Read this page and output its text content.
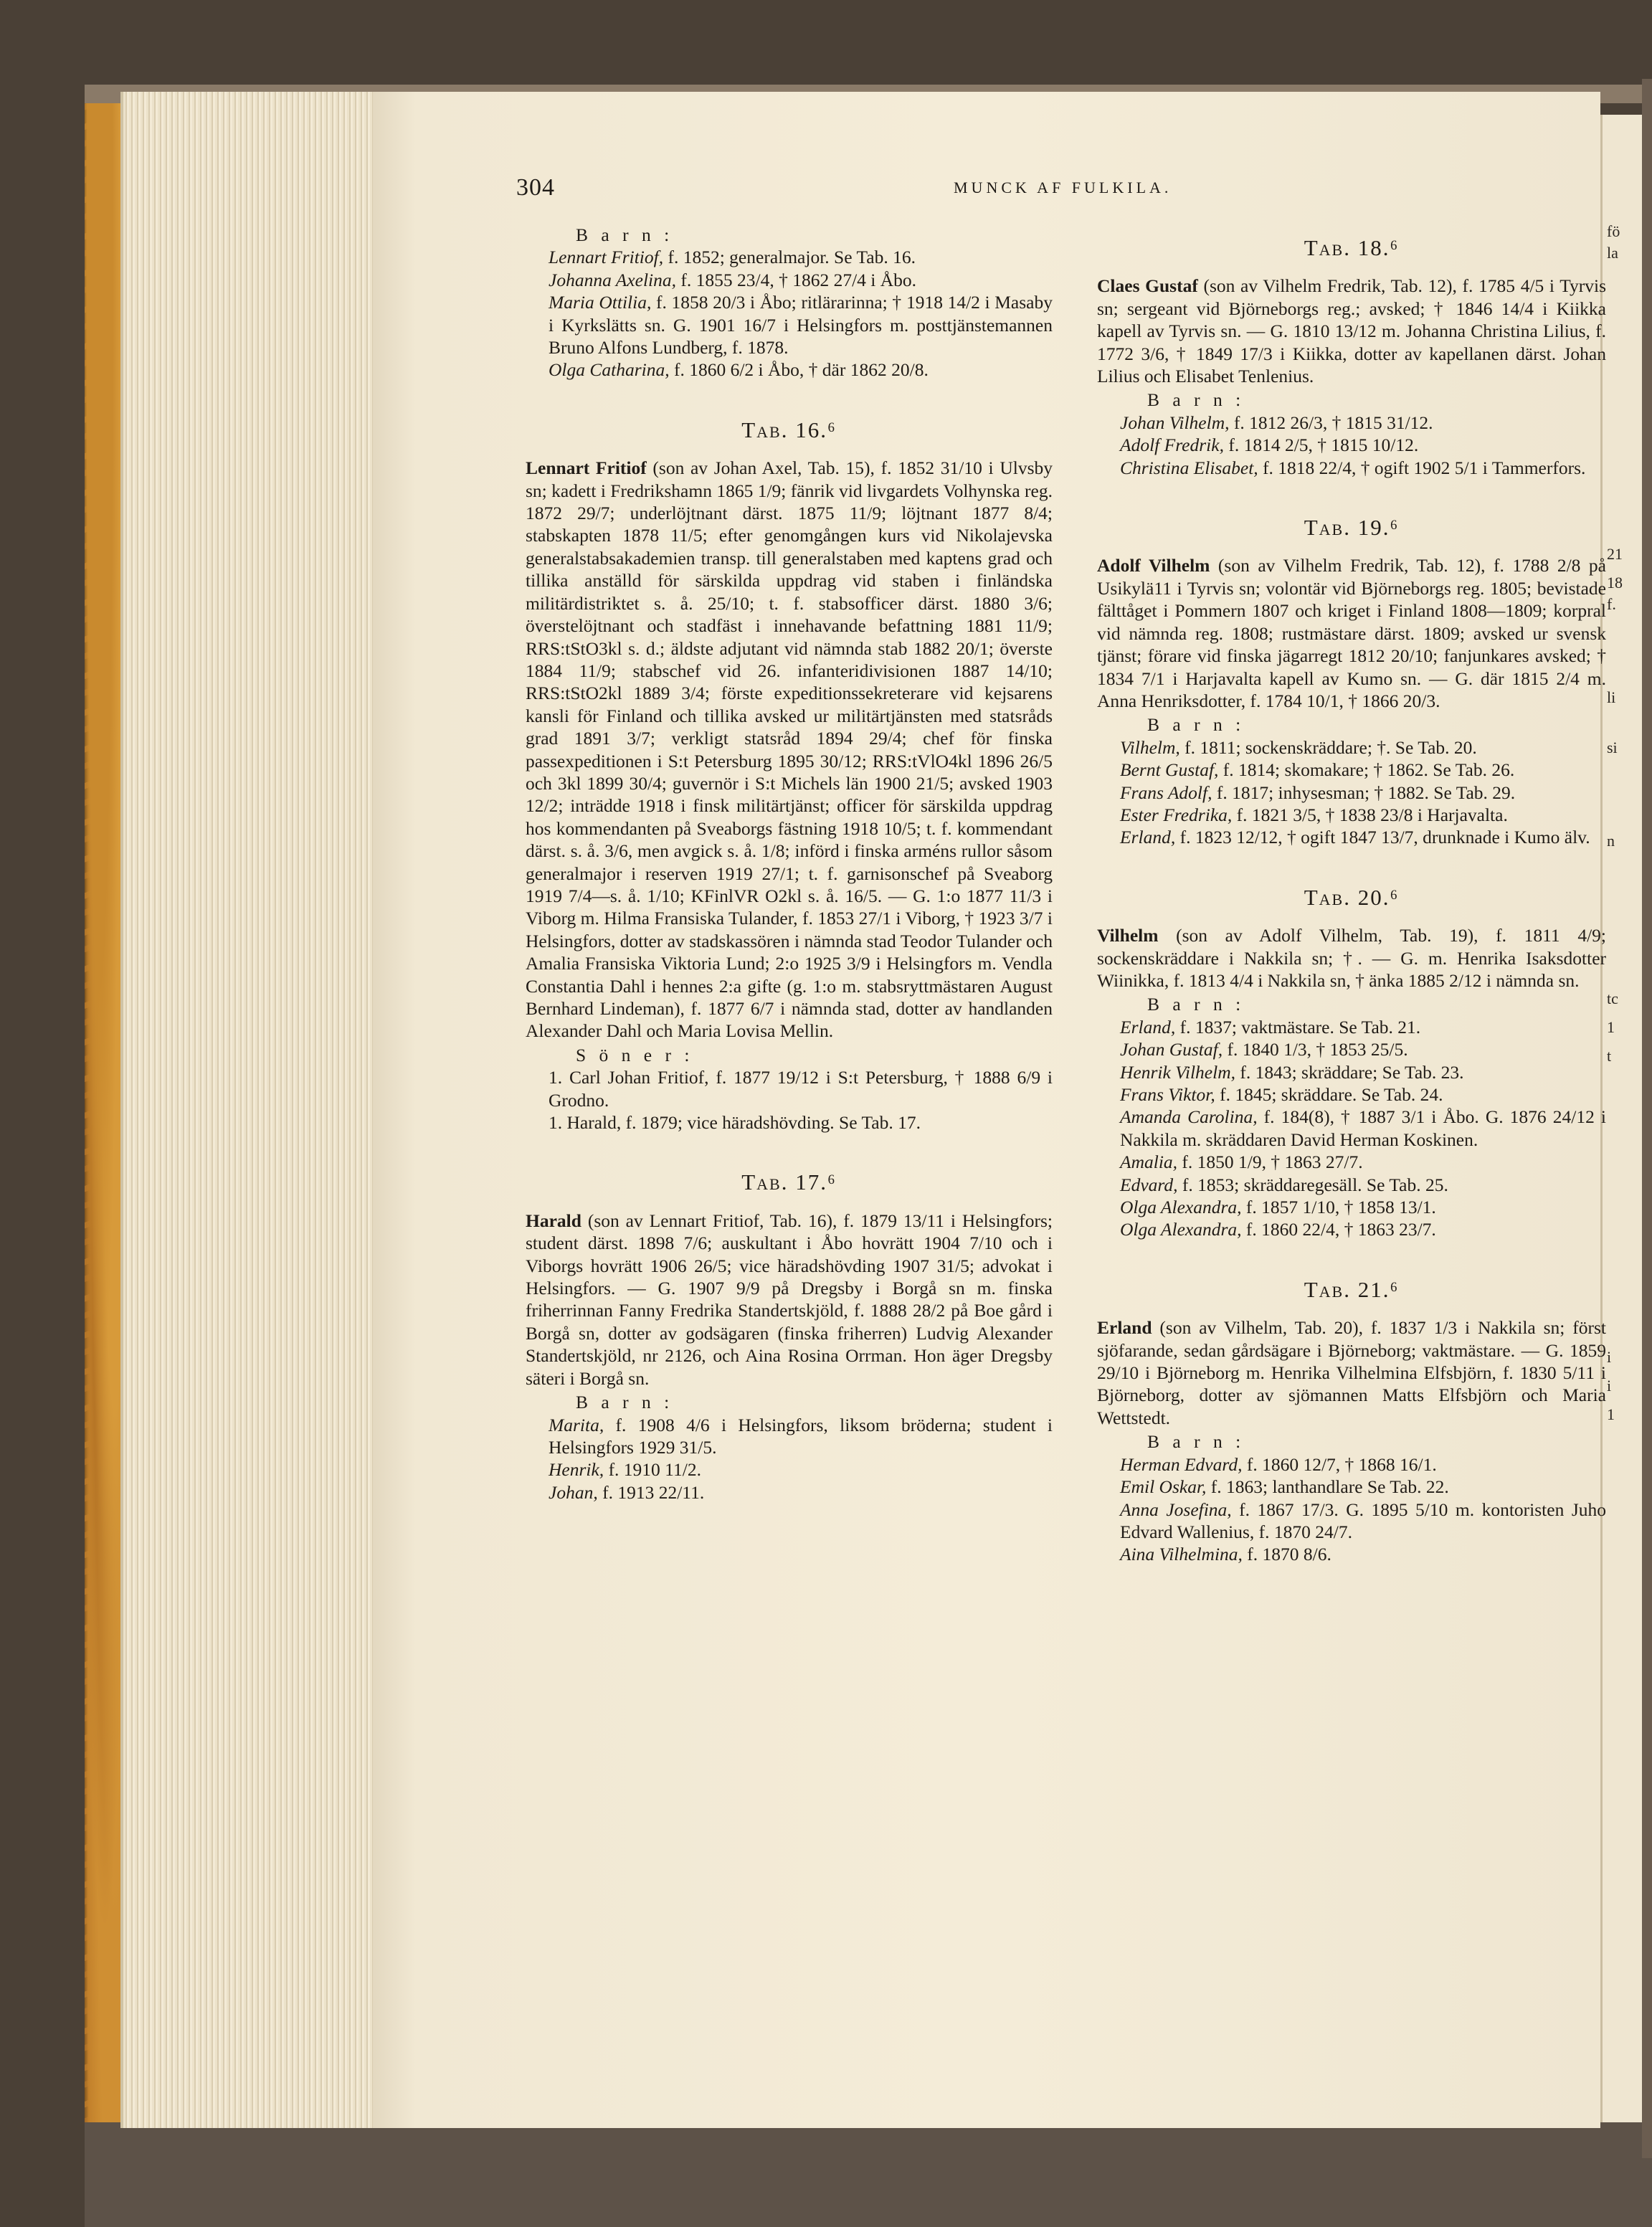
fö
la
21
18
f.
li
si
n
tc
1
t
i
i
1
304	MUNCK AF FULKILA.
B a r n :
Lennart Fritiof, f. 1852; generalmajor. Se Tab. 16.
Johanna Axelina, f. 1855 23/4, † 1862 27/4 i Åbo.
Maria Ottilia, f. 1858 20/3 i Åbo; ritlärarinna; † 1918 14/2 i Masaby i Kyrkslätts sn. G. 1901 16/7 i Helsingfors m. posttjänstemannen Bruno Alfons Lundberg, f. 1878.
Olga Catharina, f. 1860 6/2 i Åbo, † där 1862 20/8.
Tab. 16.⁶
Lennart Fritiof (son av Johan Axel, Tab. 15), f. 1852 31/10 i Ulvsby sn; kadett i Fredrikshamn 1865 1/9; fänrik vid livgardets Volhynska reg. 1872 29/7; underlöjtnant därst. 1875 11/9; löjtnant 1877 8/4; stabskapten 1878 11/5; efter genomgången kurs vid Nikolajevska generalstabsakademien transp. till generalstaben med kaptens grad och tillika anställd för särskilda uppdrag vid staben i finländska militärdistriktet s. å. 25/10; t. f. stabsofficer därst. 1880 3/6; överstelöjtnant och stadfäst i innehavande befattning 1881 11/9; RRS:tStO3kl s. d.; äldste adjutant vid nämnda stab 1882 20/1; överste 1884 11/9; stabschef vid 26. infanteridivisionen 1887 14/10; RRS:tStO2kl 1889 3/4; förste expeditionssekreterare vid kejsarens kansli för Finland och tillika avsked ur militärtjänsten med statsråds grad 1891 3/7; verkligt statsråd 1894 29/4; chef för finska passexpeditionen i S:t Petersburg 1895 30/12; RRS:tVlO4kl 1896 26/5 och 3kl 1899 30/4; guvernör i S:t Michels län 1900 21/5; avsked 1903 12/2; inträdde 1918 i finsk militärtjänst; officer för särskilda uppdrag hos kommendanten på Sveaborgs fästning 1918 10/5; t. f. kommendant därst. s. å. 3/6, men avgick s. å. 1/8; införd i finska arméns rullor såsom generalmajor i reserven 1919 27/1; t. f. garnisonschef på Sveaborg 1919 7/4—s. å. 1/10; KFinlVR O2kl s. å. 16/5. — G. 1:o 1877 11/3 i Viborg m. Hilma Fransiska Tulander, f. 1853 27/1 i Viborg, † 1923 3/7 i Helsingfors, dotter av stadskassören i nämnda stad Teodor Tulander och Amalia Fransiska Viktoria Lund; 2:o 1925 3/9 i Helsingfors m. Vendla Constantia Dahl i hennes 2:a gifte (g. 1:o m. stabsryttmästaren August Bernhard Lindeman), f. 1877 6/7 i nämnda stad, dotter av handlanden Alexander Dahl och Maria Lovisa Mellin.
S ö n e r :
1. Carl Johan Fritiof, f. 1877 19/12 i S:t Petersburg, † 1888 6/9 i Grodno.
1. Harald, f. 1879; vice häradshövding. Se Tab. 17.
Tab. 17.⁶
Harald (son av Lennart Fritiof, Tab. 16), f. 1879 13/11 i Helsingfors; student därst. 1898 7/6; auskultant i Åbo hovrätt 1904 7/10 och i Viborgs hovrätt 1906 26/5; vice häradshövding 1907 31/5; advokat i Helsingfors. — G. 1907 9/9 på Dregsby i Borgå sn m. finska friherrinnan Fanny Fredrika Standertskjöld, f. 1888 28/2 på Boe gård i Borgå sn, dotter av godsägaren (finska friherren) Ludvig Alexander Standertskjöld, nr 2126, och Aina Rosina Orrman. Hon äger Dregsby säteri i Borgå sn.
B a r n :
Marita, f. 1908 4/6 i Helsingfors, liksom bröderna; student i Helsingfors 1929 31/5.
Henrik, f. 1910 11/2.
Johan, f. 1913 22/11.
Tab. 18.⁶
Claes Gustaf (son av Vilhelm Fredrik, Tab. 12), f. 1785 4/5 i Tyrvis sn; sergeant vid Björneborgs reg.; avsked; † 1846 14/4 i Kiikka kapell av Tyrvis sn. — G. 1810 13/12 m. Johanna Christina Lilius, f. 1772 3/6, † 1849 17/3 i Kiikka, dotter av kapellanen därst. Johan Lilius och Elisabet Tenlenius.
B a r n :
Johan Vilhelm, f. 1812 26/3, † 1815 31/12.
Adolf Fredrik, f. 1814 2/5, † 1815 10/12.
Christina Elisabet, f. 1818 22/4, † ogift 1902 5/1 i Tammerfors.
Tab. 19.⁶
Adolf Vilhelm (son av Vilhelm Fredrik, Tab. 12), f. 1788 2/8 på Usikylä11 i Tyrvis sn; volontär vid Björneborgs reg. 1805; bevistade fälttåget i Pommern 1807 och kriget i Finland 1808—1809; korpral vid nämnda reg. 1808; rustmästare därst. 1809; avsked ur svensk tjänst; förare vid finska jägarregt 1812 20/10; fanjunkares avsked; † 1834 7/1 i Harjavalta kapell av Kumo sn. — G. där 1815 2/4 m. Anna Henriksdotter, f. 1784 10/1, † 1866 20/3.
B a r n :
Vilhelm, f. 1811; sockenskräddare; †. Se Tab. 20.
Bernt Gustaf, f. 1814; skomakare; † 1862. Se Tab. 26.
Frans Adolf, f. 1817; inhysesman; † 1882. Se Tab. 29.
Ester Fredrika, f. 1821 3/5, † 1838 23/8 i Harjavalta.
Erland, f. 1823 12/12, † ogift 1847 13/7, drunknade i Kumo älv.
Tab. 20.⁶
Vilhelm (son av Adolf Vilhelm, Tab. 19), f. 1811 4/9; sockenskräddare i Nakkila sn; †. — G. m. Henrika Isaksdotter Wiinikka, f. 1813 4/4 i Nakkila sn, † änka 1885 2/12 i nämnda sn.
B a r n :
Erland, f. 1837; vaktmästare. Se Tab. 21.
Johan Gustaf, f. 1840 1/3, † 1853 25/5.
Henrik Vilhelm, f. 1843; skräddare; Se Tab. 23.
Frans Viktor, f. 1845; skräddare. Se Tab. 24.
Amanda Carolina, f. 184(8), † 1887 3/1 i Åbo. G. 1876 24/12 i Nakkila m. skräddaren David Herman Koskinen.
Amalia, f. 1850 1/9, † 1863 27/7.
Edvard, f. 1853; skräddaregesäll. Se Tab. 25.
Olga Alexandra, f. 1857 1/10, † 1858 13/1.
Olga Alexandra, f. 1860 22/4, † 1863 23/7.
Tab. 21.⁶
Erland (son av Vilhelm, Tab. 20), f. 1837 1/3 i Nakkila sn; först sjöfarande, sedan gårdsägare i Björneborg; vaktmästare. — G. 1859 29/10 i Björneborg m. Henrika Vilhelmina Elfsbjörn, f. 1830 5/11 i Björneborg, dotter av sjömannen Matts Elfsbjörn och Maria Wettstedt.
B a r n :
Herman Edvard, f. 1860 12/7, † 1868 16/1.
Emil Oskar, f. 1863; lanthandlare Se Tab. 22.
Anna Josefina, f. 1867 17/3. G. 1895 5/10 m. kontoristen Juho Edvard Wallenius, f. 1870 24/7.
Aina Vilhelmina, f. 1870 8/6.
